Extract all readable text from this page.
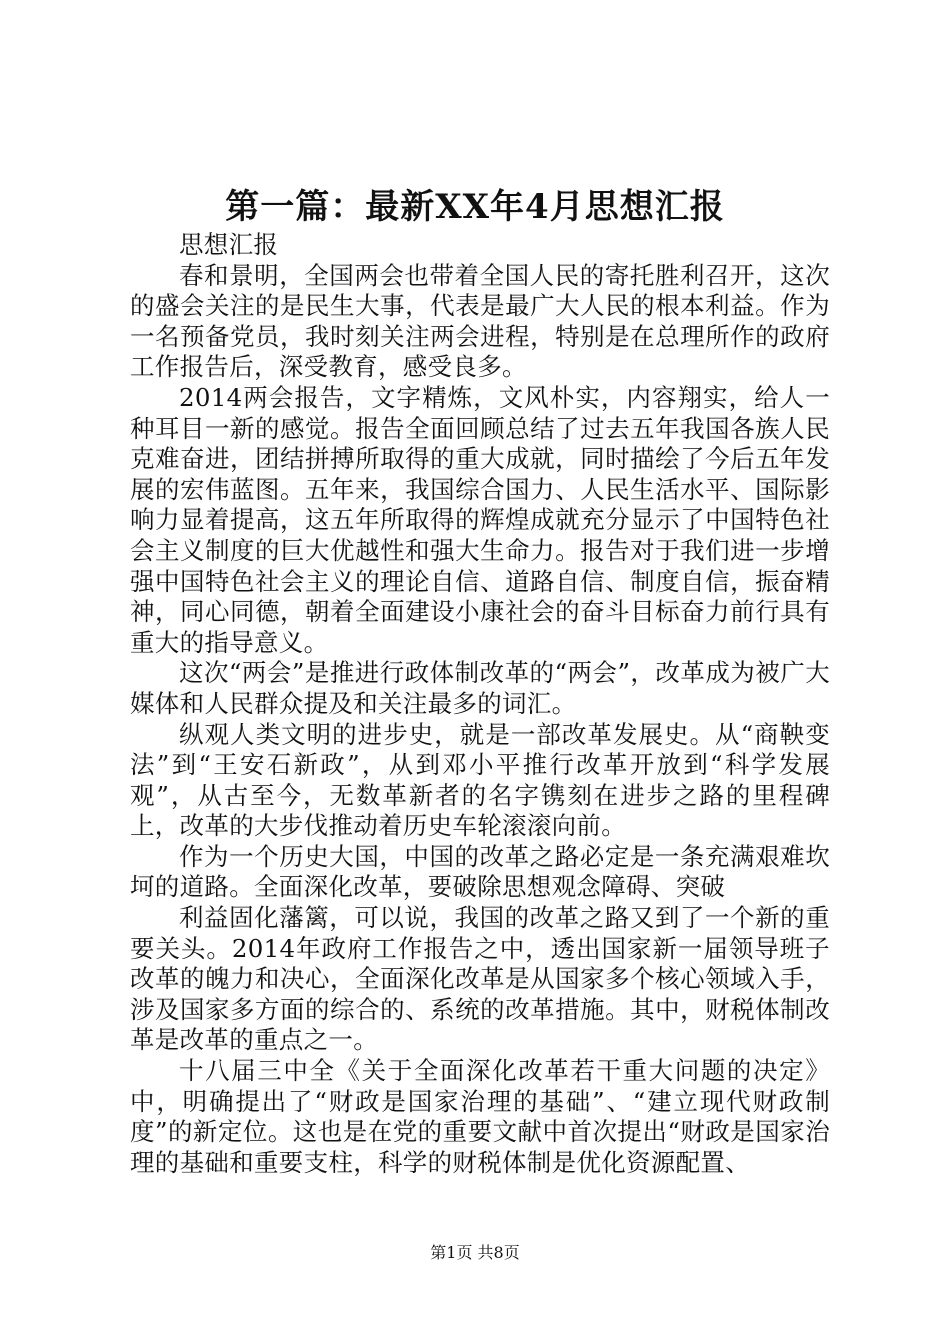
第一篇：最新XX年4月思想汇报

思想汇报

春和景明，全国两会也带着全国人民的寄托胜利召开，这次的盛会关注的是民生大事，代表是最广大人民的根本利益。作为一名预备党员，我时刻关注两会进程，特别是在总理所作的政府工作报告后，深受教育，感受良多。

2014两会报告，文字精炼，文风朴实，内容翔实，给人一种耳目一新的感觉。报告全面回顾总结了过去五年我国各族人民克难奋进，团结拼搏所取得的重大成就，同时描绘了今后五年发展的宏伟蓝图。五年来，我国综合国力、人民生活水平、国际影响力显着提高，这五年所取得的辉煌成就充分显示了中国特色社会主义制度的巨大优越性和强大生命力。报告对于我们进一步增强中国特色社会主义的理论自信、道路自信、制度自信，振奋精神，同心同德，朝着全面建设小康社会的奋斗目标奋力前行具有重大的指导意义。

这次“两会”是推进行政体制改革的“两会”，改革成为被广大媒体和人民群众提及和关注最多的词汇。

纵观人类文明的进步史，就是一部改革发展史。从“商鞅变法”到“王安石新政”，从到邓小平推行改革开放到“科学发展观”，从古至今，无数革新者的名字镌刻在进步之路的里程碑上，改革的大步伐推动着历史车轮滚滚向前。

作为一个历史大国，中国的改革之路必定是一条充满艰难坎坷的道路。全面深化改革，要破除思想观念障碍、突破

利益固化藩篱，可以说，我国的改革之路又到了一个新的重要关头。2014年政府工作报告之中，透出国家新一届领导班子改革的魄力和决心，全面深化改革是从国家多个核心领域入手，涉及国家多方面的综合的、系统的改革措施。其中，财税体制改革是改革的重点之一。

十八届三中全《关于全面深化改革若干重大问题的决定》中，明确提出了“财政是国家治理的基础”、“建立现代财政制度”的新定位。这也是在党的重要文献中首次提出“财政是国家治理的基础和重要支柱，科学的财税体制是优化资源配置、

第1页 共8页
